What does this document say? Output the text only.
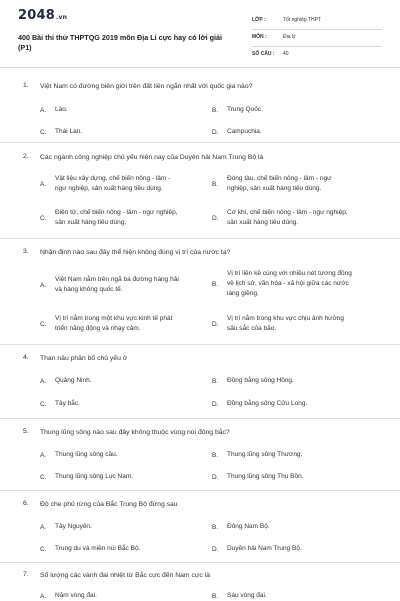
2048.vn
400 Bài thi thử THPTQG 2019 môn Địa Lí cực hay có lời giải (P1)
LỚP :	Tốt nghiệp THPT
MÔN :	Địa lý
SỐ CÂU : 40
1. Việt Nam có đường biên giới trên đất liền ngắn nhất với quốc gia nào?
A.	Lào.	B.	Trung Quốc.
C.	Thái Lan.	D.	Campuchia.
2. Các ngành công nghiệp chủ yếu hiện nay của Duyên hải Nam Trung Bộ là
A.
Vật liệu xây dựng, chế biến nông - lâm -
ngư nghiệp, sản xuất hàng tiêu dùng.
B.
Đóng tàu, chế biến nông - lâm - ngư
nghiệp, sản xuất hàng tiêu dùng.
C.
Điện tử, chế biến nông - lâm - ngư nghiệp,
sản xuất hàng tiêu dùng.
D.
Cơ khí, chế biến nông - lâm - ngư nghiệp,
sản xuất hàng tiêu dùng.
3. Nhận định nào sau đây thể hiện không đúng vị trí của nước ta?
A.
Việt Nam nằm trên ngã ba đường hàng hải
và hàng không quốc tế.
B.
Vị trí liền kề cùng với nhiều nét tương đồng
về lịch sử, văn hóa - xã hội giữa các nước
láng giềng.
C.
Vị trí nằm trong một khu vực kinh tế phát
triển năng động và nhạy cảm.
D.
Vị trí nằm trong khu vực chịu ảnh hưởng
sâu sắc của bão.
4. Than nâu phân bố chủ yếu ở
A.	Quảng Ninh.	B.	Đồng bằng sông Hồng.
C.	Tây bắc.	D.	Đồng bằng sông Cửu Long.
5. Thung lũng sông nào sau đây không thuộc vùng núi đông bắc?
A.	Thung lũng sông cầu.	B.	Thung lũng sông Thương.
C.	Thung lũng sông Lục Nam.	D.	Thung lũng sông Thu Bồn.
6. Độ che phủ rừng của Bắc Trung Bộ đứng sau
A.	Tây Nguyên.	B.	Đông Nam Bộ.
C.	Trung du và miền núi Bắc Bộ.	D.	Duyên hải Nam Trung Bộ.
7. Số lượng các vành đai nhiệt từ Bắc cực đến Nam cực là
A.	Năm vòng đai.	B.	Sáu vòng đai.
